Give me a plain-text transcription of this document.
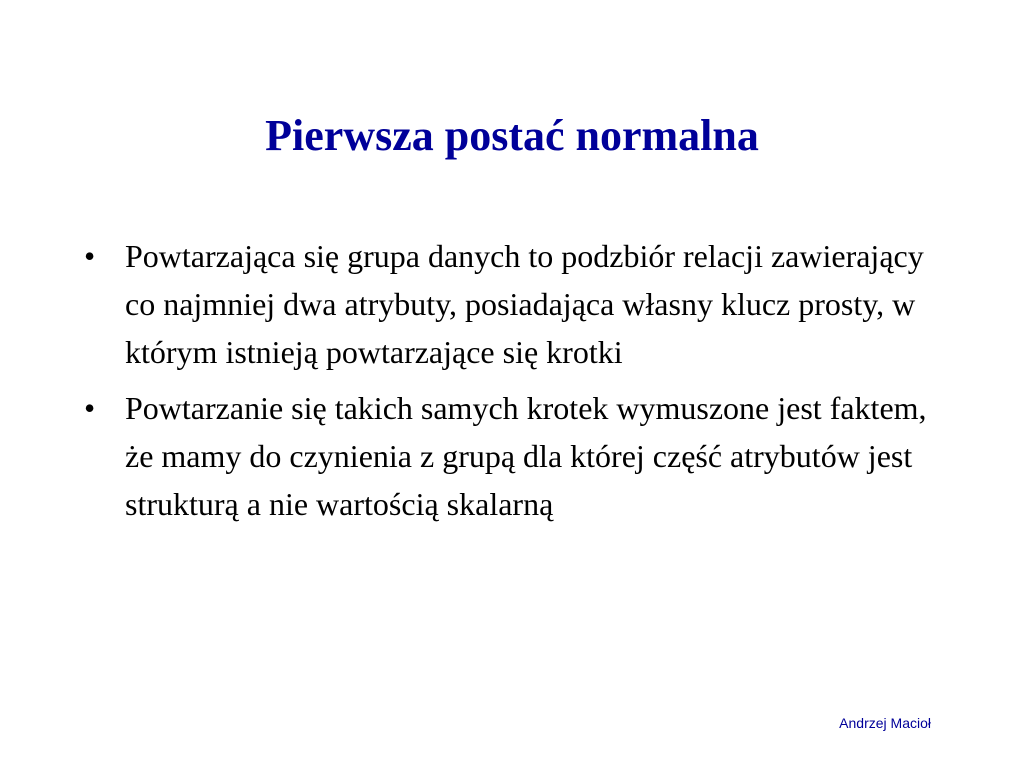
Pierwsza postać normalna
• Powtarzająca się grupa danych to podzbiór relacji zawierający co najmniej dwa atrybuty, posiadająca własny klucz prosty, w którym istnieją powtarzające się krotki
• Powtarzanie się takich samych krotek wymuszone jest faktem, że mamy do czynienia z grupą dla której część atrybutów jest strukturą a nie wartością skalarną

Andrzej Macioł
